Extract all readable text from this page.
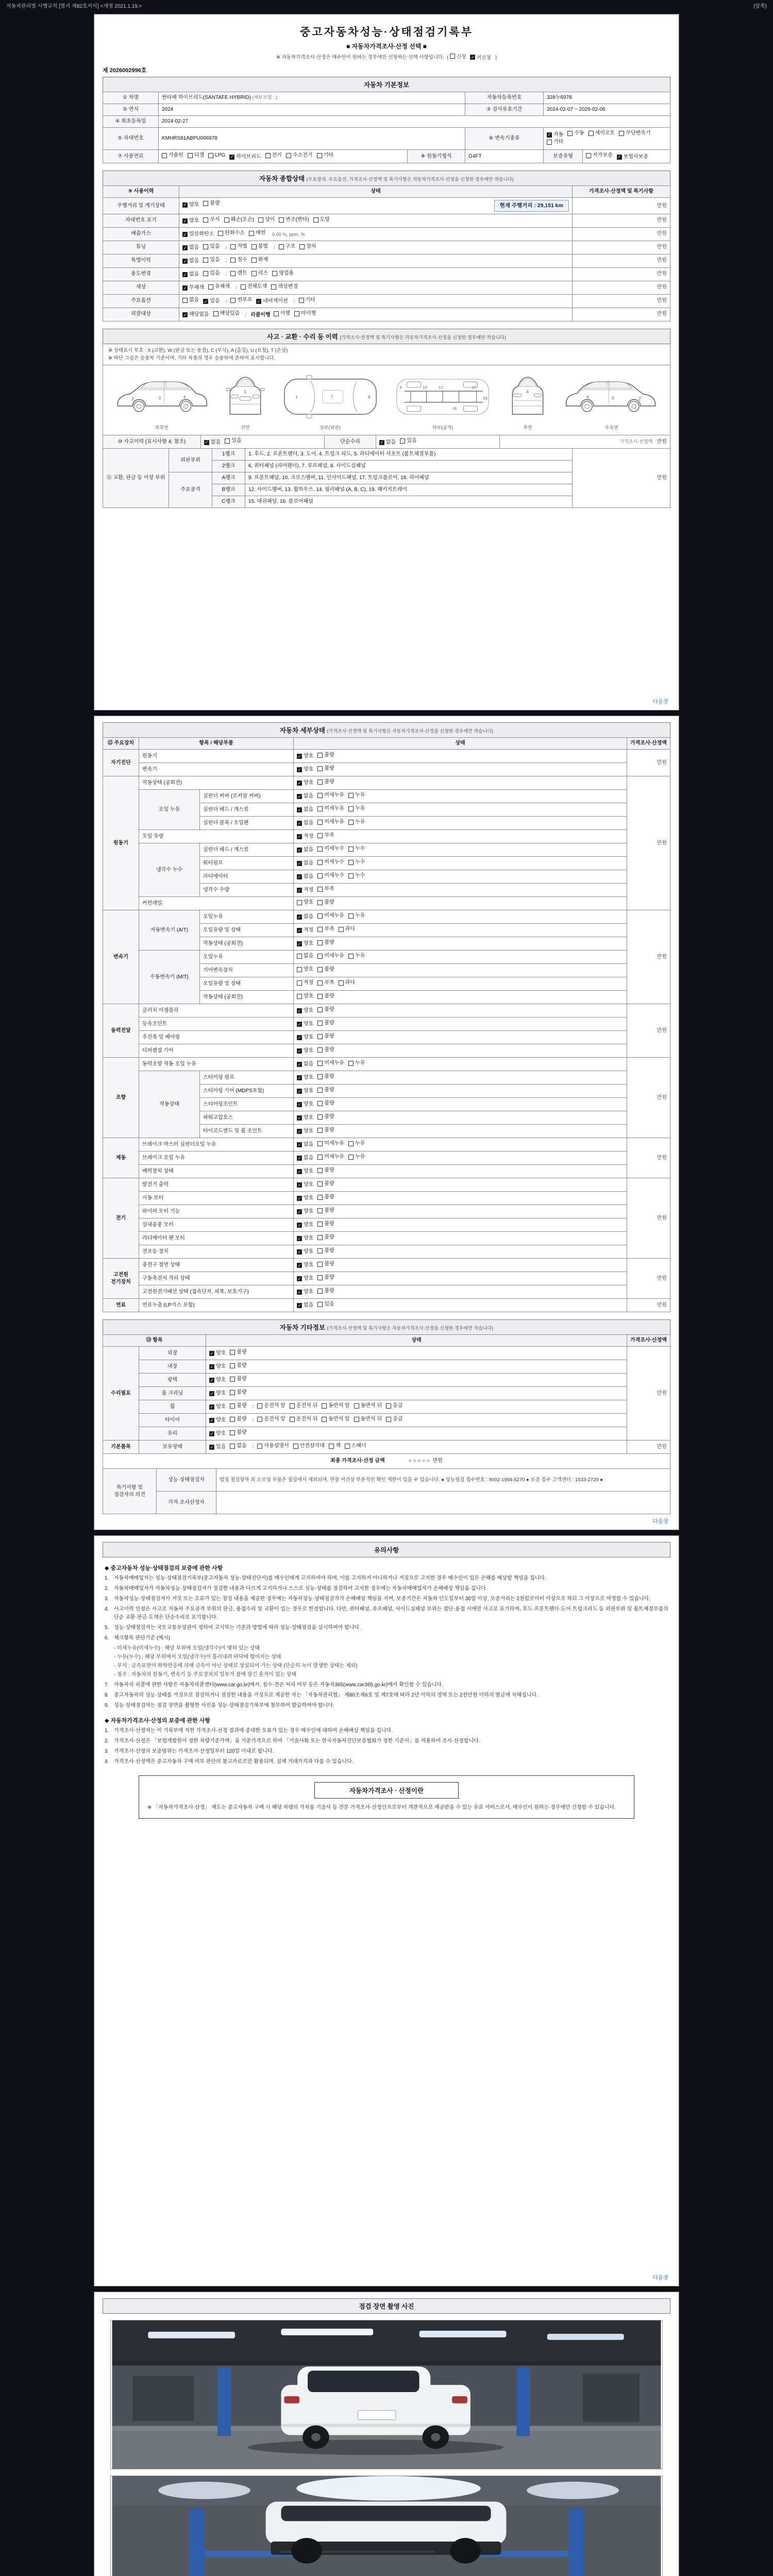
자동차관리법 시행규칙 [별지 제82호서식] <개정 2021.1.19.>	(앞쪽)
중고자동차성능·상태점검기록부
■ 자동차가격조사·산정 선택 ■
※ 자동차가격조사·산정은 매수인이 원하는 경우에만 신청하는 선택 사항입니다.  ( 신청 ✓ 미신청 )
제 2026002996호
자동차 기본정보
① 차명	싼타페 하이브리드(SANTAFE HYBRID) (세부모델 : )		자동차등록번호	328누6978	
② 연식	2024		③ 검사유효기간	2024-02-07 ~ 2026-02-06	
④ 최초등록일	2024-02-27				
⑤ 차대번호	KMHRS81ABPU006978	⑥ 변속기종류	
✓ 자동 수동 세미오토 무단변속기
기타

⑦ 사용연료	가솔린 디젤 LPG ✓ 하이브리드 전기 수소전기 기타	⑧ 원동기형식	G4FT	보증유형	자가보증 ✓ 보험사보증
자동차 종합상태 (주요장치, 주요옵션, 가격조사·산정액 및 특기사항은 자동차가격조사·산정을 신청한 경우에만 적습니다)
⑨ 사용이력	상태	가격조사·산정액 및 특기사항
주행거리 및 계기상태	✓ 양호 불량 현재 주행거리 : 29,151 km	만원
차대번호 표기	✓ 양호 부식 훼손(오손) 상이 변조(변타) 도말	만원
배출가스	✓ 일산화탄소 탄화수소 매연 0.00 %, ppm, %	만원
튜닝	✓ 없음 있음 / 적법 불법 / 구조 장치	만원
특별이력	✓ 없음 있음 / 침수 화재	만원
용도변경	✓ 없음 있음 / 렌트 리스 영업용	만원
색상	✓ 무채색 유채색 / 전체도색 색상변경	만원
주요옵션	없음 ✓ 있음 / 썬루프 ✓ 네비게이션 / 기타	만원
리콜대상	✓ 해당없음 해당있음 / 리콜이행 이행 미이행	만원
사고 · 교환 · 수리 등 이력 (가격조사·산정액 및 특기사항은 자동차가격조사·산정을 신청한 경우에만 적습니다)
※ 상태표시 부호 : X (교환), W (판금 또는 용접), C (부식), A (흠집), U (요철), T (손상)
※ 하단 그림은 승용차 기준이며, 기타 차종의 경우 승용차에 준하여 표시합니다.
2	3	6
좌측면
1
전면
1	7	4
상부(외판)
9	10	12
16
17
18
하부(골격)
4
후면
2
3
6
우측면
⑩ 사고이력 (표시사항 4. 참조)	✓ 없음 있음	단순수리	✓ 없음 있음	가격조사·산정액   만원
⑪ 교환, 판금 등 이상 부위	외판부위	1랭크	1. 후드, 2. 프론트펜더, 3. 도어, 4. 트렁크 리드, 5. 라디에이터 서포트 (볼트체결부품)	만원
		2랭크	6. 쿼터패널 (리어펜더), 7. 루프패널, 8. 사이드실패널	
	주요골격	A랭크	9. 프론트패널, 10. 크로스멤버, 11. 인사이드패널, 17. 트렁크플로어, 18. 리어패널	
		B랭크	12. 사이드멤버, 13. 휠하우스, 14. 필러패널 (A, B, C), 19. 패키지트레이	
		C랭크	15. 대쉬패널, 16. 플로어패널	
다음장
자동차 세부상태 (가격조사·산정액 및 특기사항은 자동차가격조사·산정을 신청한 경우에만 적습니다)
⑫ 주요장치	항목 / 해당부품		상태	가격조사·산정액
자기진단	원동기		✓ 양호 불량	만원
	변속기		✓ 양호 불량	

원동기	작동상태 (공회전)		✓ 양호 불량	만원
	오일 누유	실린더 커버 (로커암 커버)	✓ 없음 미세누유 누유	

		실린더 헤드 / 개스킷	✓ 없음 미세누유 누유	

		실린더 블록 / 오일팬	✓ 없음 미세누유 누유	

	오일 유량		✓ 적정 부족	

	냉각수 누수	실린더 헤드 / 개스킷	✓ 없음 미세누수 누수	

		워터펌프	✓ 없음 미세누수 누수	

		라디에이터	✓ 없음 미세누수 누수	

		냉각수 수량	✓ 적정 부족	

	커먼레일		양호 불량	

변속기	자동변속기 (A/T)	오일누유	✓ 없음 미세누유 누유	만원
		오일유량 및 상태	✓ 적정 부족 과다	

		작동상태 (공회전)	✓ 양호 불량	

	수동변속기 (M/T)	오일누유	없음 미세누유 누유	

		기어변속장치	양호 불량	

		오일유량 및 상태	적정 부족 과다	

		작동상태 (공회전)	양호 불량	

동력전달	클러치 어셈블리		✓ 양호 불량	만원
	등속조인트		✓ 양호 불량	

	추진축 및 베어링		✓ 양호 불량	

	디퍼렌셜 기어		✓ 양호 불량	

조향	동력조향 작동 오일 누유		✓ 없음 미세누유 누유	만원
	작동상태	스티어링 펌프	✓ 양호 불량	

		스티어링 기어 (MDPS포함)	✓ 양호 불량	

		스티어링조인트	✓ 양호 불량	

		파워고압호스	✓ 양호 불량	

		타이로드엔드 및 볼 조인트	✓ 양호 불량	

제동	브레이크 마스터 실린더오일 누유		✓ 없음 미세누유 누유	만원
	브레이크 오일 누유		✓ 없음 미세누유 누유	

	배력장치 상태		✓ 양호 불량	

전기	발전기 출력		✓ 양호 불량	만원
	시동 모터		✓ 양호 불량	

	와이퍼 모터 기능		✓ 양호 불량	

	실내송풍 모터		✓ 양호 불량	

	라디에이터 팬 모터		✓ 양호 불량	

	전조등 장치		✓ 양호 불량	

고전원 전기장치	충전구 절연 상태		✓ 양호 불량	만원
	구동축전지 격리 상태		✓ 양호 불량	

	고전원전기배선 상태 (접속단자, 피복, 보호기구)		✓ 양호 불량	

연료	연료누출 (LP가스 포함)		✓ 없음 있음	만원
자동차 기타정보 (가격조사·산정액 및 특기사항은 자동차가격조사·산정을 신청한 경우에만 적습니다)
⑬ 항목		상태	가격조사·산정액
수리필요	외장	✓ 양호 불량	만원
	내장	✓ 양호 불량	

	광택	✓ 양호 불량	

	룸 크리닝	✓ 양호 불량	

휠	✓ 양호 불량 / 운전석 앞 운전석 뒤 동반석 앞 동반석 뒤 응급

타이어	✓ 양호 불량 / 운전석 앞 운전석 뒤 동반석 앞 동반석 뒤 응급

	유리	✓ 양호 불량	

기본품목	보유상태	✓ 있음 없음 / 사용설명서 안전삼각대 잭 스패너	만원
최종 가격조사·산정 금액	○ ○ ○ ○ ○ 만원
특기사항 및 점검자의 의견	성능·상태점검자	법정 점검항목 외 소모성 부품은 점검에서 제외되며, 현장 여건상 부분적인 확인 제한이 있을 수 있습니다. ● 성능점검 접수번호 : 9002-1994-5270 ● 보증 접수 고객센터 : 1533-2729 ●
	가격·조사산정자	
다음장
유의사항
◆ 중고자동차 성능·상태점검의 보증에 관한 사항
1. 자동차매매업자는 성능·상태점검기록부(중고자동차 성능·상태진단서)를 매수인에게 고지하여야 하며, 이를 고지하지 아니하거나 거짓으로 고지한 경우 매수인이 입은 손해를 배상할 책임을 집니다.
2. 자동차매매업자가 자동차성능·상태점검자가 점검한 내용과 다르게 고지하거나 스스로 성능·상태를 점검하여 고지한 경우에는 자동차매매업자가 손해배상 책임을 집니다.
3. 자동차성능·상태점검자가 거짓 또는 오류가 있는 점검 내용을 제공한 경우에는 자동차성능·상태점검자가 손해배상 책임을 지며, 보증기간은 자동차 인도일부터 30일 이상, 보증거리는 2천킬로미터 이상으로 하되 그 이상으로 약정할 수 있습니다.
4. 사고이력 인정은 사고로 자동차 주요골격 부위의 판금, 용접수리 및 교환이 있는 경우로 한정합니다. 다만, 쿼터패널, 루프패널, 사이드실패널 부위는 절단·용접 시에만 사고로 표기하며, 후드·프론트펜더·도어·트렁크리드 등 외판부위 및 볼트체결부품의 단순 교환·판금·도색은 단순수리로 표기합니다.
5. 성능·상태점검자는 국토교통부장관이 정하여 고시하는 기준과 방법에 따라 성능·상태점검을 실시하여야 합니다.
6. 체크항목 판단기준 (예시)
- 미세누유(미세누수) : 해당 부위에 오일(냉각수)이 맺혀 있는 상태
- 누유(누수) : 해당 부위에서 오일(냉각수)이 흘러내려 바닥에 떨어지는 상태
- 부식 : 금속표면이 화학반응에 의해 금속이 아닌 상태로 상실되어 가는 상태 (단순히 녹이 발생한 상태는 제외)
- 침수 : 자동차의 원동기, 변속기 등 주요장치의 일부가 물에 잠긴 흔적이 있는 상태
7. 자동차의 리콜에 관한 사항은 자동차리콜센터(www.car.go.kr)에서, 침수·전손 처리 여부 등은 자동차365(www.car365.go.kr)에서 확인할 수 있습니다.
8. 중고자동차의 성능·상태를 거짓으로 점검하거나 점검한 내용을 거짓으로 제공한 자는 「자동차관리법」 제80조제6호 및 제7호에 따라 2년 이하의 징역 또는 2천만원 이하의 벌금에 처해집니다.
9. 성능·상태점검자는 점검 장면을 촬영한 사진을 성능·상태점검기록부에 첨부하여 발급하여야 합니다.
◆ 자동차가격조사·산정의 보증에 관한 사항
1. 가격조사·산정자는 이 기록부에 적힌 가격조사·산정 결과에 중대한 오류가 있는 경우 매수인에 대하여 손해배상 책임을 집니다.
2. 가격조사·산정은 「보험개발원이 정한 차량기준가액」을 기준가격으로 하여 「기술사회 또는 한국자동차진단보증협회가 정한 기준서」를 적용하여 조사·산정합니다.
3. 가격조사·산정의 보증범위는 가격조사·산정일부터 120일 이내로 합니다.
4. 가격조사·산정액은 중고자동차 구매 여부 판단의 참고자료로만 활용되며, 실제 거래가격과 다를 수 있습니다.
자동차가격조사 · 산정이란
※ 「자동차가격조사·산정」 제도는 중고자동차 구매 시 해당 차량의 가치를 기술사 등 전문 가격조사·산정인으로부터 객관적으로 제공받을 수 있는 유료 서비스로서, 매수인이 원하는 경우에만 신청할 수 있습니다.
다음장
점검 장면 촬영 사진
